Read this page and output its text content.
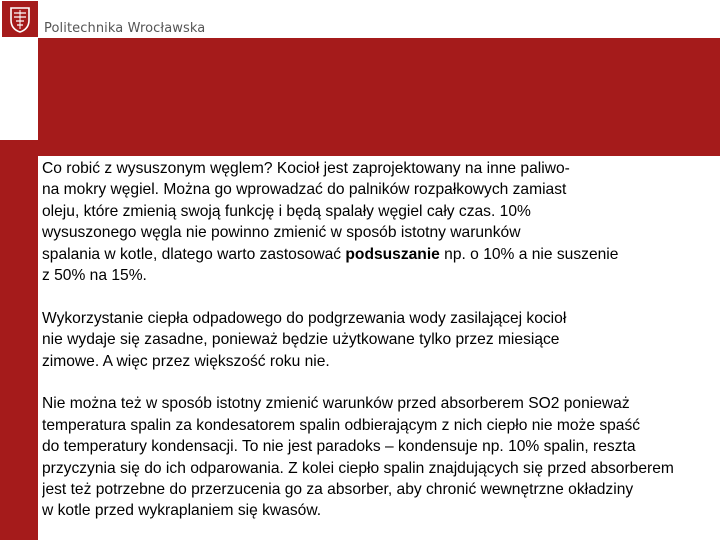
Politechnika Wrocławska

Co robić z wysuszonym węglem? Kocioł jest zaprojektowany na inne paliwo-

na mokry węgiel. Można go wprowadzać do palników rozpałkowych zamiast

oleju, które zmienią swoją funkcję i będą spalały węgiel cały czas. 10%

wysuszonego węgla nie powinno zmienić w sposób istotny warunków

spalania w kotle, dlatego warto zastosować podsuszanie np. o 10% a nie suszenie

z 50% na 15%.

Wykorzystanie ciepła odpadowego do podgrzewania wody zasilającej kocioł

nie wydaje się zasadne, ponieważ będzie użytkowane tylko przez miesiące

zimowe. A więc przez większość roku nie.

Nie można też w sposób istotny zmienić warunków przed absorberem SO2 ponieważ

temperatura spalin za kondesatorem spalin odbierającym z nich ciepło nie może spaść

do temperatury kondensacji. To nie jest paradoks – kondensuje np. 10% spalin, reszta

przyczynia się do ich odparowania. Z kolei ciepło spalin znajdujących się przed absorberem

jest też potrzebne do przerzucenia go za absorber, aby chronić wewnętrzne okładziny

w kotle przed wykraplaniem się kwasów.
